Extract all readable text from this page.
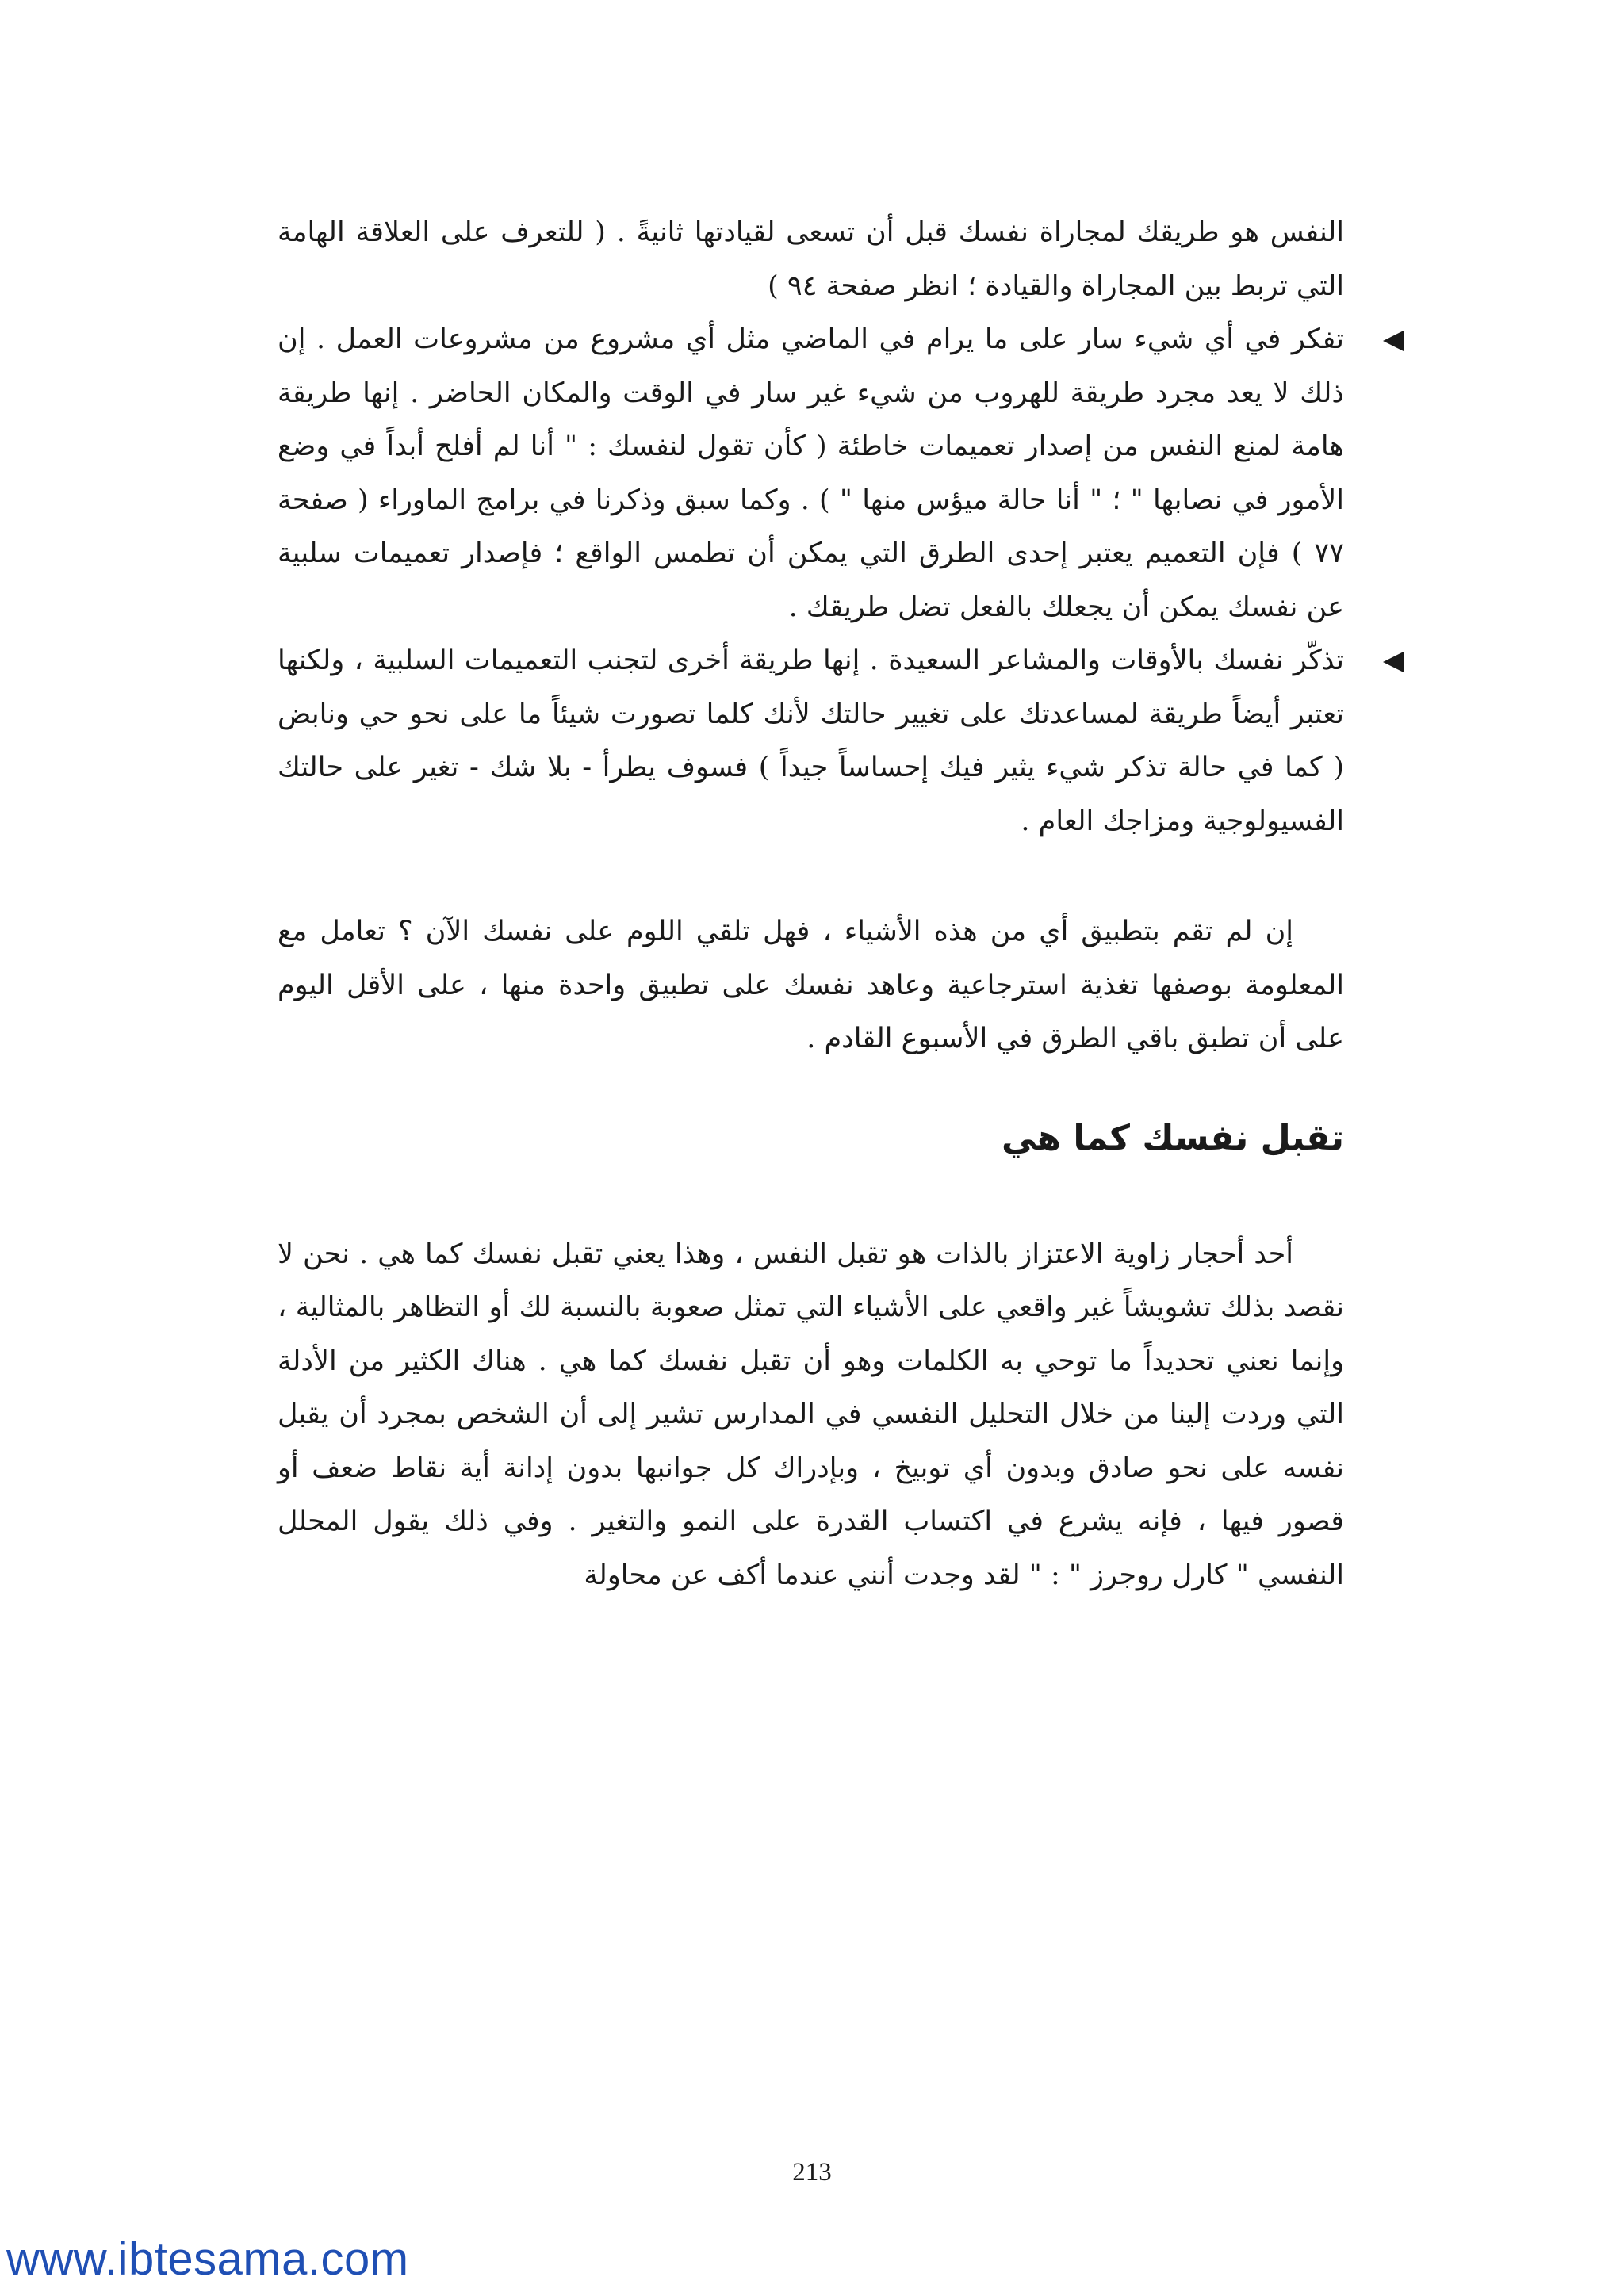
النفس هو طريقك لمجاراة نفسك قبل أن تسعى لقيادتها ثانيةً . ( للتعرف على العلاقة الهامة التي تربط بين المجاراة والقيادة ؛ انظر صفحة ٩٤ )

تفكر في أي شيء سار على ما يرام في الماضي مثل أي مشروع من مشروعات العمل . إن ذلك لا يعد مجرد طريقة للهروب من شيء غير سار في الوقت والمكان الحاضر . إنها طريقة هامة لمنع النفس من إصدار تعميمات خاطئة ( كأن تقول لنفسك : " أنا لم أفلح أبداً في وضع الأمور في نصابها " ؛ " أنا حالة ميؤس منها " ) . وكما سبق وذكرنا في برامج الماوراء ( صفحة ٧٧ ) فإن التعميم يعتبر إحدى الطرق التي يمكن أن تطمس الواقع ؛ فإصدار تعميمات سلبية عن نفسك يمكن أن يجعلك بالفعل تضل طريقك .

تذكّر نفسك بالأوقات والمشاعر السعيدة . إنها طريقة أخرى لتجنب التعميمات السلبية ، ولكنها تعتبر أيضاً طريقة لمساعدتك على تغيير حالتك لأنك كلما تصورت شيئاً ما على نحو حي ونابض ( كما في حالة تذكر شيء يثير فيك إحساساً جيداً ) فسوف يطرأ - بلا شك - تغير على حالتك الفسيولوجية ومزاجك العام .

إن لم تقم بتطبيق أي من هذه الأشياء ، فهل تلقي اللوم على نفسك الآن ؟ تعامل مع المعلومة بوصفها تغذية استرجاعية وعاهد نفسك على تطبيق واحدة منها ، على الأقل اليوم على أن تطبق باقي الطرق في الأسبوع القادم .

تقبل نفسك كما هي

أحد أحجار زاوية الاعتزاز بالذات هو تقبل النفس ، وهذا يعني تقبل نفسك كما هي . نحن لا نقصد بذلك تشويشاً غير واقعي على الأشياء التي تمثل صعوبة بالنسبة لك أو التظاهر بالمثالية ، وإنما نعني تحديداً ما توحي به الكلمات وهو أن تقبل نفسك كما هي . هناك الكثير من الأدلة التي وردت إلينا من خلال التحليل النفسي في المدارس تشير إلى أن الشخص بمجرد أن يقبل نفسه على نحو صادق وبدون أي توبيخ ، وبإدراك كل جوانبها بدون إدانة أية نقاط ضعف أو قصور فيها ، فإنه يشرع في اكتساب القدرة على النمو والتغير . وفي ذلك يقول المحلل النفسي " كارل روجرز " : " لقد وجدت أنني عندما أكف عن محاولة

213
www.ibtesama.com
